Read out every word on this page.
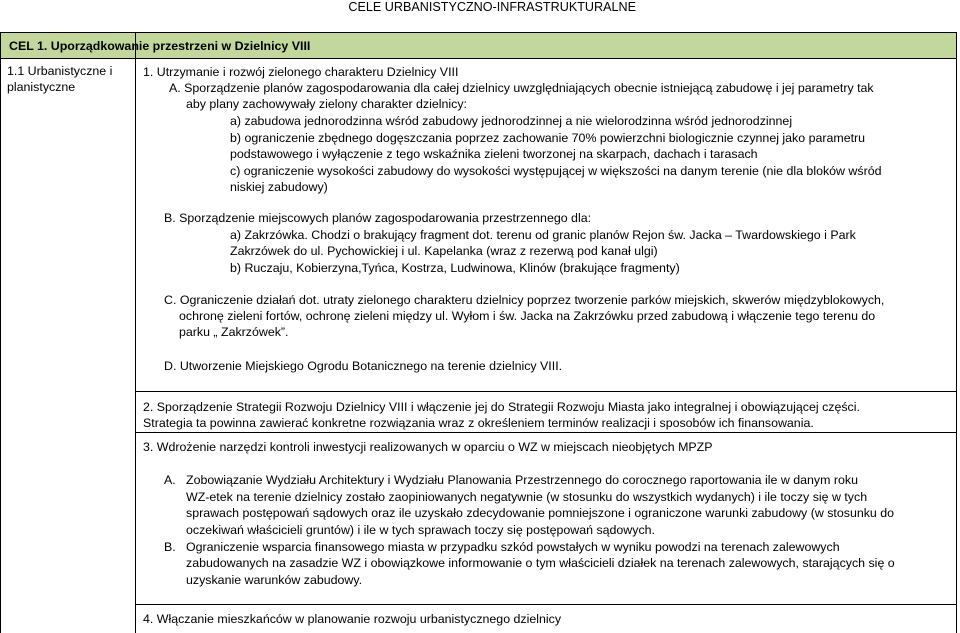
CELE URBANISTYCZNO-INFRASTRUKTURALNE
CEL 1. Uporządkowanie przestrzeni w Dzielnicy VIII
1.1 Urbanistyczne i planistyczne
1. Utrzymanie i rozwój zielonego charakteru Dzielnicy VIII
A. Sporządzenie planów zagospodarowania dla całej dzielnicy uwzględniających obecnie istniejącą zabudowę i jej parametry tak
aby plany zachowywały zielony charakter dzielnicy:
a) zabudowa jednorodzinna wśród zabudowy jednorodzinnej a nie wielorodzinna wśród jednorodzinnej
b) ograniczenie zbędnego dogęszczania poprzez zachowanie 70% powierzchni biologicznie czynnej jako parametru
podstawowego i wyłączenie z tego wskaźnika zieleni tworzonej na skarpach, dachach i tarasach
c) ograniczenie wysokości zabudowy do wysokości występującej w większości na danym terenie (nie dla bloków wśród
niskiej zabudowy)
B. Sporządzenie miejscowych planów zagospodarowania przestrzennego dla:
a) Zakrzówka. Chodzi o brakujący fragment dot. terenu od granic planów Rejon św. Jacka – Twardowskiego i Park
Zakrzówek do ul. Pychowickiej i ul. Kapelanka (wraz z rezerwą pod kanał ulgi)
b) Ruczaju, Kobierzyna,Tyńca, Kostrza, Ludwinowa, Klinów (brakujące fragmenty)
C. Ograniczenie działań dot. utraty zielonego charakteru dzielnicy poprzez tworzenie parków miejskich, skwerów międzyblokowych,
ochronę zieleni fortów, ochronę zieleni między ul. Wyłom i św. Jacka na Zakrzówku przed zabudową i włączenie tego terenu do
parku „ Zakrzówek”.
D. Utworzenie Miejskiego Ogrodu Botanicznego na terenie dzielnicy VIII.
2. Sporządzenie Strategii Rozwoju Dzielnicy VIII i włączenie jej do Strategii Rozwoju Miasta jako integralnej i obowiązującej części.
Strategia ta powinna zawierać konkretne rozwiązania wraz z określeniem terminów realizacji i sposobów ich finansowania.
3. Wdrożenie narzędzi kontroli inwestycji realizowanych w oparciu o WZ w miejscach nieobjętych MPZP
A. Zobowiązanie Wydziału Architektury i Wydziału Planowania Przestrzennego do corocznego raportowania ile w danym roku
WZ-etek na terenie dzielnicy zostało zaopiniowanych negatywnie (w stosunku do wszystkich wydanych) i ile toczy się w tych
sprawach postępowań sądowych oraz ile uzyskało zdecydowanie pomniejszone i ograniczone warunki zabudowy (w stosunku do
oczekiwań właścicieli gruntów) i ile w tych sprawach toczy się postępowań sądowych.
B. Ograniczenie wsparcia finansowego miasta w przypadku szkód powstałych w wyniku powodzi na terenach zalewowych
zabudowanych na zasadzie WZ i obowiązkowe informowanie o tym właścicieli działek na terenach zalewowych, starających się o
uzyskanie warunków zabudowy.
4. Włączanie mieszkańców w planowanie rozwoju urbanistycznego dzielnicy
